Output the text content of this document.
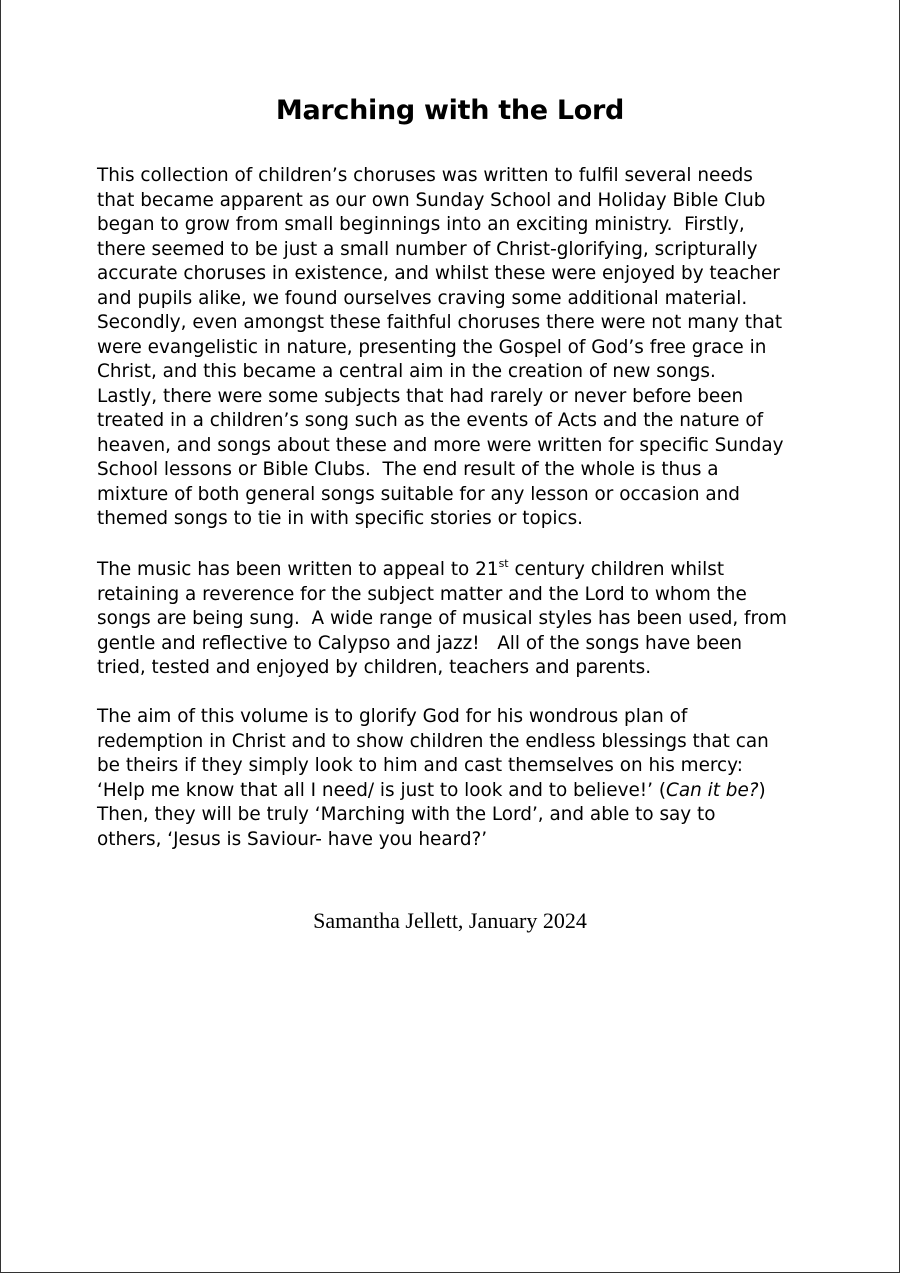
Marching with the Lord
This collection of children’s choruses was written to fulfil several needs
that became apparent as our own Sunday School and Holiday Bible Club
began to grow from small beginnings into an exciting ministry.  Firstly,
there seemed to be just a small number of Christ-glorifying, scripturally
accurate choruses in existence, and whilst these were enjoyed by teacher
and pupils alike, we found ourselves craving some additional material.
Secondly, even amongst these faithful choruses there were not many that
were evangelistic in nature, presenting the Gospel of God’s free grace in
Christ, and this became a central aim in the creation of new songs.
Lastly, there were some subjects that had rarely or never before been
treated in a children’s song such as the events of Acts and the nature of
heaven, and songs about these and more were written for specific Sunday
School lessons or Bible Clubs.  The end result of the whole is thus a
mixture of both general songs suitable for any lesson or occasion and
themed songs to tie in with specific stories or topics.
The music has been written to appeal to 21st century children whilst
retaining a reverence for the subject matter and the Lord to whom the
songs are being sung.  A wide range of musical styles has been used, from
gentle and reflective to Calypso and jazz!   All of the songs have been
tried, tested and enjoyed by children, teachers and parents.
The aim of this volume is to glorify God for his wondrous plan of
redemption in Christ and to show children the endless blessings that can
be theirs if they simply look to him and cast themselves on his mercy:
‘Help me know that all I need/ is just to look and to believe!’ (Can it be?)
Then, they will be truly ‘Marching with the Lord’, and able to say to
others, ‘Jesus is Saviour- have you heard?’

Samantha Jellett, January 2024
